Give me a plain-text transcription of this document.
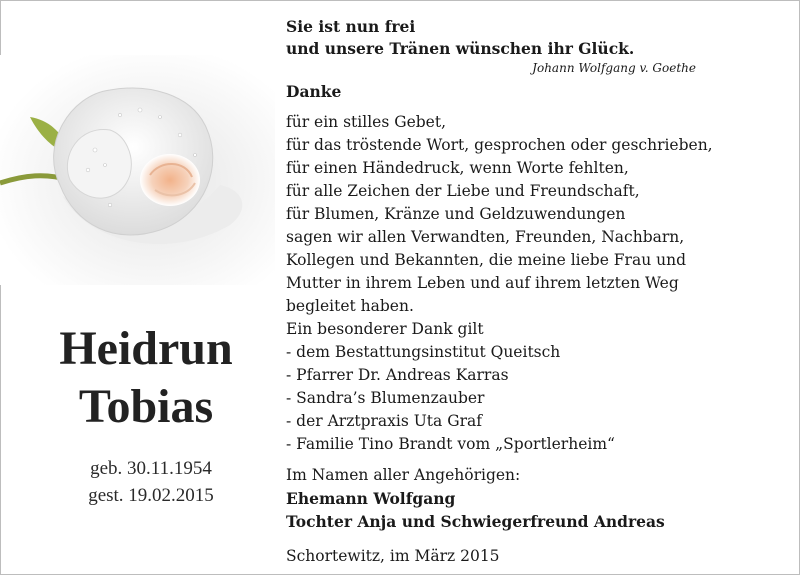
Heidrun
Tobias
geb. 30.11.1954
gest. 19.02.2015
Sie ist nun frei
und unsere Tränen wünschen ihr Glück.
Johann Wolfgang v. Goethe
Danke
für ein stilles Gebet,
für das tröstende Wort, gesprochen oder geschrieben,
für einen Händedruck, wenn Worte fehlten,
für alle Zeichen der Liebe und Freundschaft,
für Blumen, Kränze und Geldzuwendungen
sagen wir allen Verwandten, Freunden, Nachbarn,
Kollegen und Bekannten, die meine liebe Frau und
Mutter in ihrem Leben und auf ihrem letzten Weg
begleitet haben.
Ein besonderer Dank gilt
- dem Bestattungsinstitut Queitsch
- Pfarrer Dr. Andreas Karras
- Sandra’s Blumenzauber
- der Arztpraxis Uta Graf
- Familie Tino Brandt vom „Sportlerheim“
Im Namen aller Angehörigen:
Ehemann Wolfgang
Tochter Anja und Schwiegerfreund Andreas
Schortewitz, im März 2015
